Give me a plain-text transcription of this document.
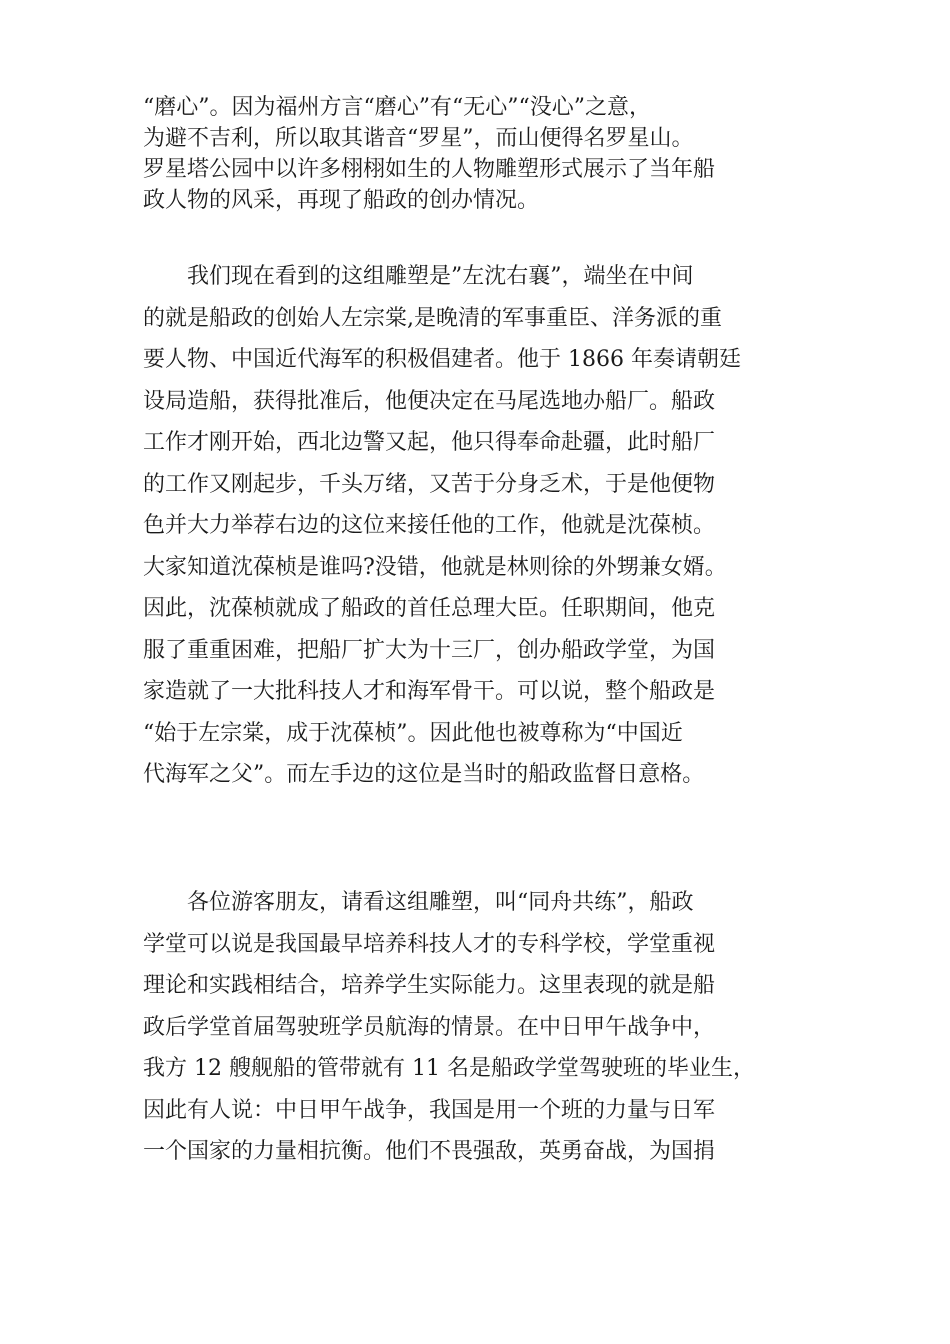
“磨心”。因为福州方言“磨心”有“无心”“没心”之意，
为避不吉利，所以取其谐音“罗星”，而山便得名罗星山。
罗星塔公园中以许多栩栩如生的人物雕塑形式展示了当年船
政人物的风采，再现了船政的创办情况。
　　我们现在看到的这组雕塑是”左沈右襄”，端坐在中间
的就是船政的创始人左宗棠,是晚清的军事重臣、洋务派的重
要人物、中国近代海军的积极倡建者。他于 1866 年奏请朝廷
设局造船，获得批准后，他便决定在马尾选地办船厂。船政
工作才刚开始，西北边警又起，他只得奉命赴疆，此时船厂
的工作又刚起步，千头万绪，又苦于分身乏术，于是他便物
色并大力举荐右边的这位来接任他的工作，他就是沈葆桢。
大家知道沈葆桢是谁吗?没错，他就是林则徐的外甥兼女婿。
因此，沈葆桢就成了船政的首任总理大臣。任职期间，他克
服了重重困难，把船厂扩大为十三厂，创办船政学堂，为国
家造就了一大批科技人才和海军骨干。可以说，整个船政是
“始于左宗棠，成于沈葆桢”。因此他也被尊称为“中国近
代海军之父”。而左手边的这位是当时的船政监督日意格。
　　各位游客朋友，请看这组雕塑，叫“同舟共练”，船政
学堂可以说是我国最早培养科技人才的专科学校，学堂重视
理论和实践相结合，培养学生实际能力。这里表现的就是船
政后学堂首届驾驶班学员航海的情景。在中日甲午战争中，
我方 12 艘舰船的管带就有 11 名是船政学堂驾驶班的毕业生，
因此有人说：中日甲午战争，我国是用一个班的力量与日军
一个国家的力量相抗衡。他们不畏强敌，英勇奋战，为国捐
